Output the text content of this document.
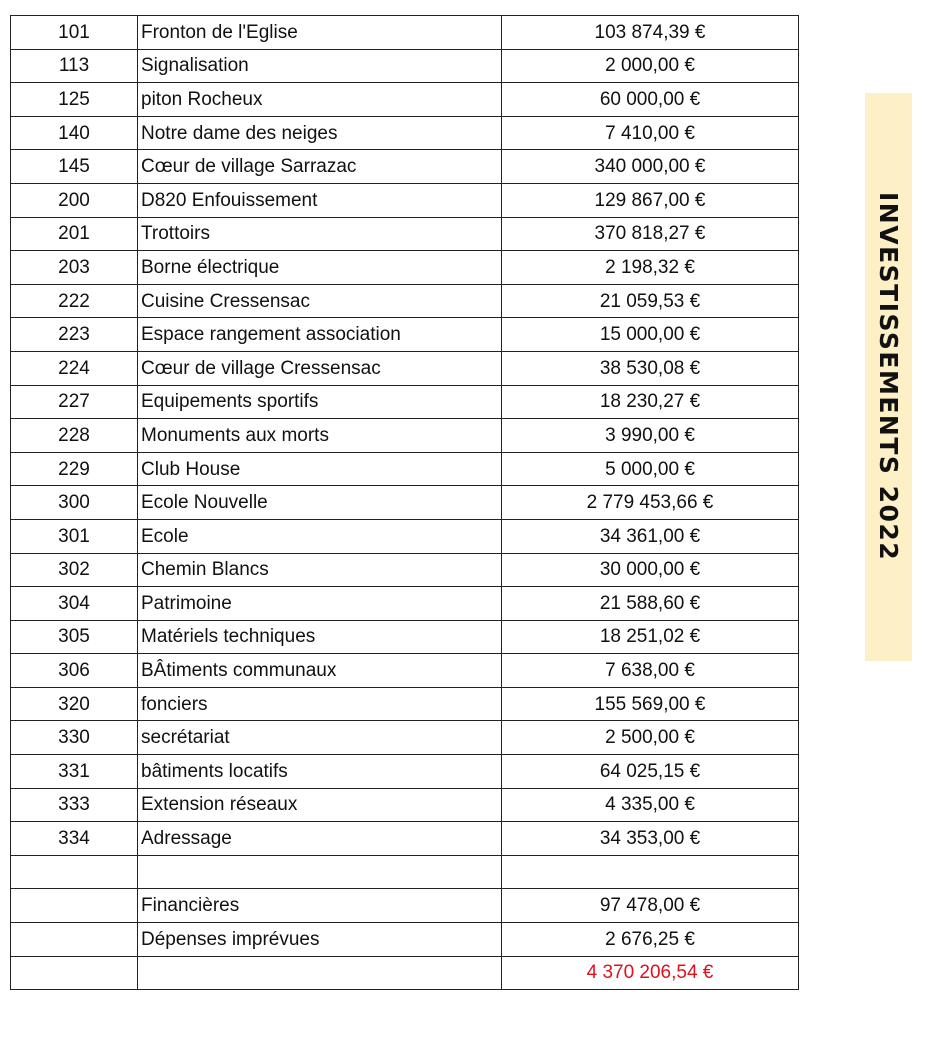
101	Fronton de l'Eglise	103 874,39 €
113	Signalisation	2 000,00 €
125	piton Rocheux	60 000,00 €
140	Notre dame des neiges	7 410,00 €
145	Cœur de village Sarrazac	340 000,00 €
200	D820 Enfouissement	129 867,00 €
201	Trottoirs	370 818,27 €
203	Borne électrique	2 198,32 €
222	Cuisine Cressensac	21 059,53 €
223	Espace rangement association	15 000,00 €
224	Cœur de village Cressensac	38 530,08 €
227	Equipements sportifs	18 230,27 €
228	Monuments aux morts	3 990,00 €
229	Club House	5 000,00 €
300	Ecole Nouvelle	2 779 453,66 €
301	Ecole	34 361,00 €
302	Chemin Blancs	30 000,00 €
304	Patrimoine	21 588,60 €
305	Matériels techniques	18 251,02 €
306	BÂtiments communaux	7 638,00 €
320	fonciers	155 569,00 €
330	secrétariat	2 500,00 €
331	bâtiments locatifs	64 025,15 €
333	Extension réseaux	4 335,00 €
334	Adressage	34 353,00 €

	Financières	97 478,00 €
	Dépenses imprévues	2 676,25 €
		4 370 206,54 €
INVESTISSEMENTS 2022
